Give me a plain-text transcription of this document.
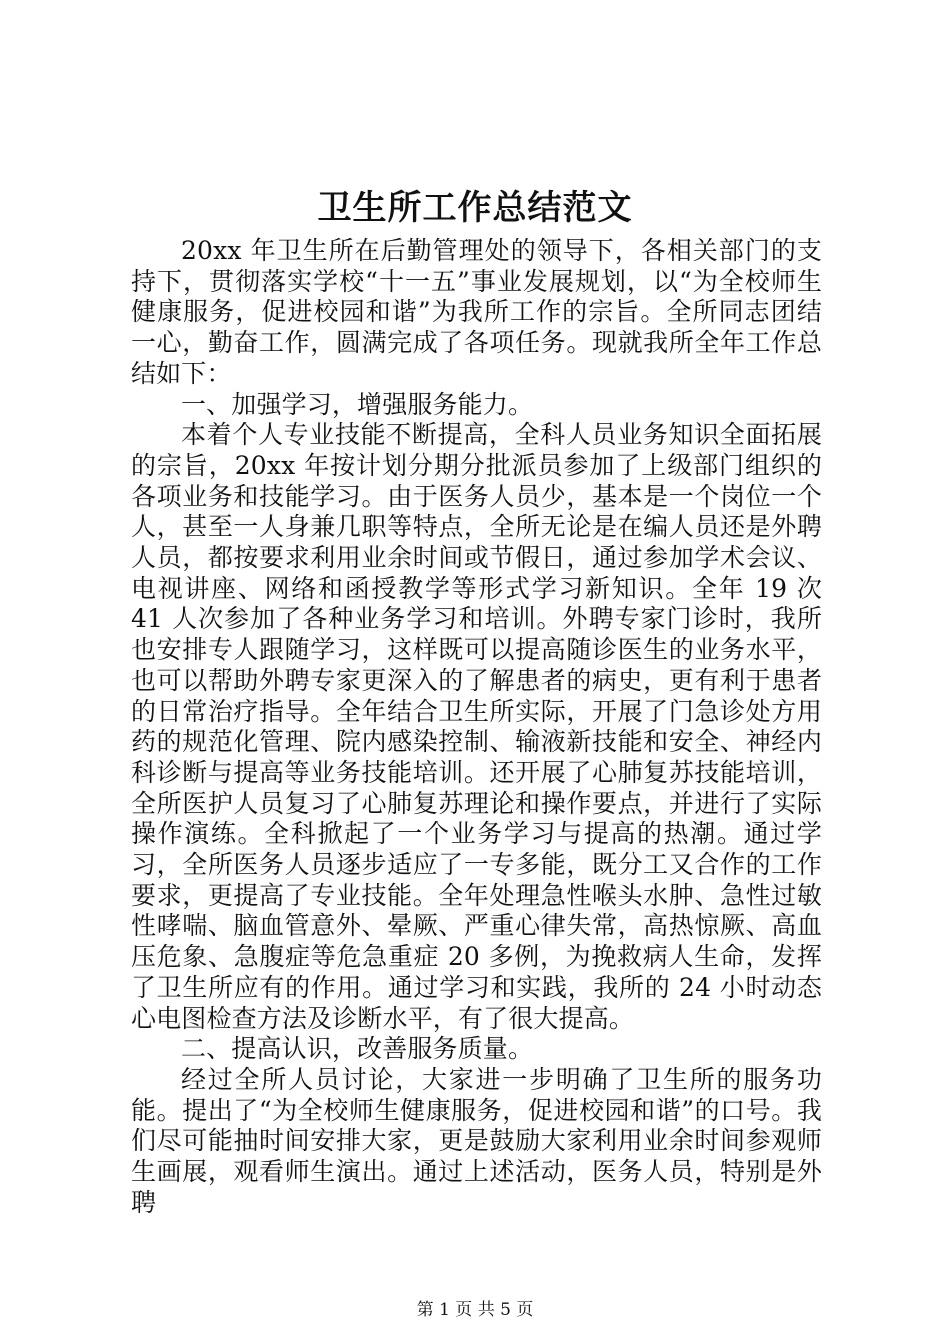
卫生所工作总结范文

20xx 年卫生所在后勤管理处的领导下，各相关部门的支持下，贯彻落实学校“十一五”事业发展规划，以“为全校师生健康服务，促进校园和谐”为我所工作的宗旨。全所同志团结一心，勤奋工作，圆满完成了各项任务。现就我所全年工作总结如下：

一、加强学习，增强服务能力。

本着个人专业技能不断提高，全科人员业务知识全面拓展的宗旨，20xx 年按计划分期分批派员参加了上级部门组织的各项业务和技能学习。由于医务人员少，基本是一个岗位一个人，甚至一人身兼几职等特点，全所无论是在编人员还是外聘人员，都按要求利用业余时间或节假日，通过参加学术会议、电视讲座、网络和函授教学等形式学习新知识。全年 19 次 41 人次参加了各种业务学习和培训。外聘专家门诊时，我所也安排专人跟随学习，这样既可以提高随诊医生的业务水平，也可以帮助外聘专家更深入的了解患者的病史，更有利于患者的日常治疗指导。全年结合卫生所实际，开展了门急诊处方用药的规范化管理、院内感染控制、输液新技能和安全、神经内科诊断与提高等业务技能培训。还开展了心肺复苏技能培训，全所医护人员复习了心肺复苏理论和操作要点，并进行了实际操作演练。全科掀起了一个业务学习与提高的热潮。通过学习，全所医务人员逐步适应了一专多能，既分工又合作的工作要求，更提高了专业技能。全年处理急性喉头水肿、急性过敏性哮喘、脑血管意外、晕厥、严重心律失常，高热惊厥、高血压危象、急腹症等危急重症 20 多例，为挽救病人生命，发挥了卫生所应有的作用。通过学习和实践，我所的 24 小时动态心电图检查方法及诊断水平，有了很大提高。

二、提高认识，改善服务质量。

经过全所人员讨论，大家进一步明确了卫生所的服务功能。提出了“为全校师生健康服务，促进校园和谐”的口号。我们尽可能抽时间安排大家，更是鼓励大家利用业余时间参观师生画展，观看师生演出。通过上述活动，医务人员，特别是外聘

第 1 页 共 5 页
